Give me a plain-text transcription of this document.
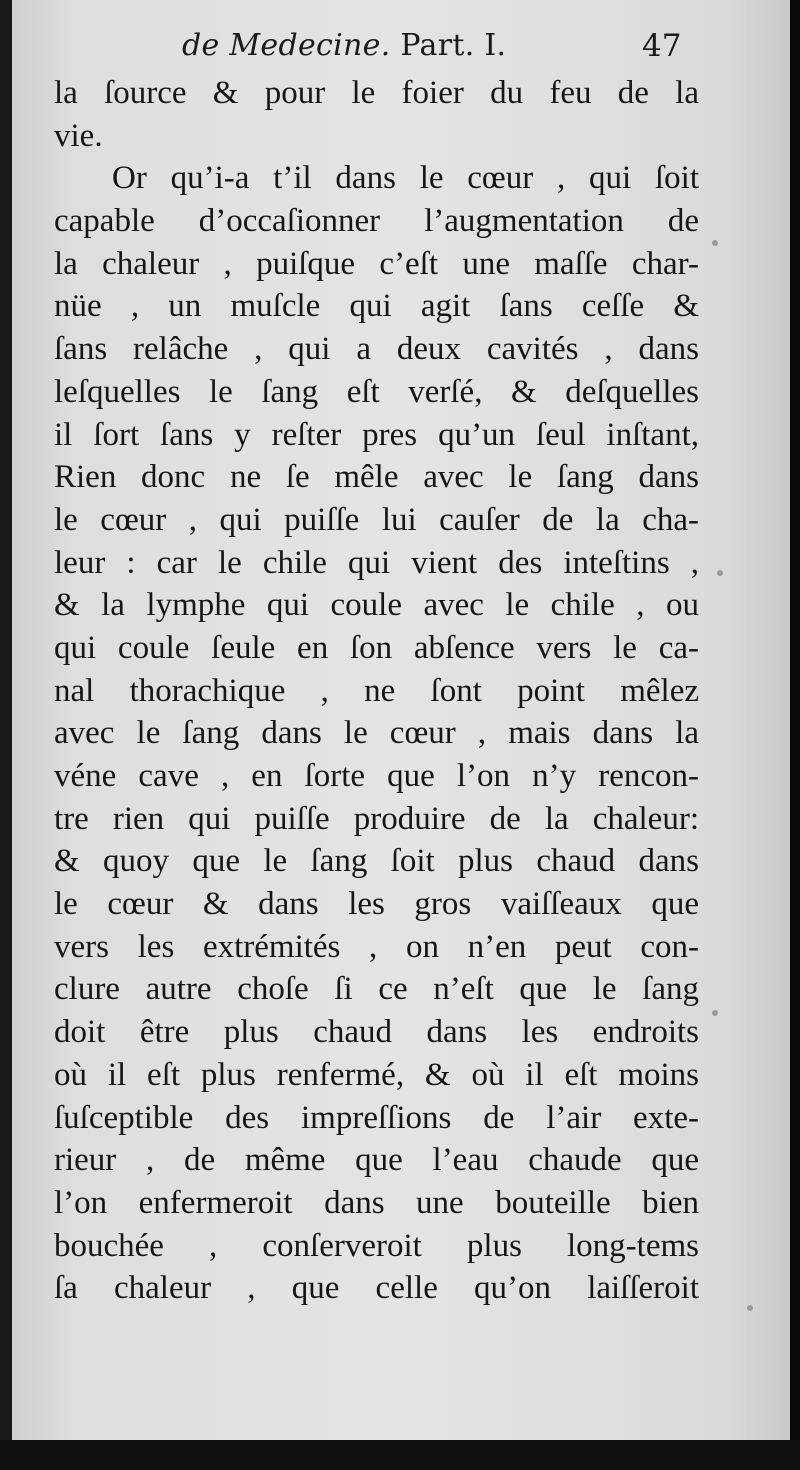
de Medecine. Part. I.	47
la ſource & pour le foier du feu de la
vie.
Or qu’i-a t’il dans le cœur , qui ſoit
capable d’occaſionner l’augmentation de
la chaleur , puiſque c’eſt une maſſe char-
nüe , un muſcle qui agit ſans ceſſe &
ſans relâche , qui a deux cavités , dans
leſquelles le ſang eſt verſé, & deſquelles
il ſort ſans y reſter pres qu’un ſeul inſtant,
Rien donc ne ſe mêle avec le ſang dans
le cœur , qui puiſſe lui cauſer de la cha-
leur : car le chile qui vient des inteſtins ,
& la lymphe qui coule avec le chile , ou
qui coule ſeule en ſon abſence vers le ca-
nal thorachique , ne ſont point mêlez
avec le ſang dans le cœur , mais dans la
véne cave , en ſorte que l’on n’y rencon-
tre rien qui puiſſe produire de la chaleur:
& quoy que le ſang ſoit plus chaud dans
le cœur & dans les gros vaiſſeaux que
vers les extrémités , on n’en peut con-
clure autre choſe ſi ce n’eſt que le ſang
doit être plus chaud dans les endroits
où il eſt plus renfermé, & où il eſt moins
ſuſceptible des impreſſions de l’air exte-
rieur , de même que l’eau chaude que
l’on enfermeroit dans une bouteille bien
bouchée , conſerveroit plus long-tems
ſa chaleur , que celle qu’on laiſſeroit
